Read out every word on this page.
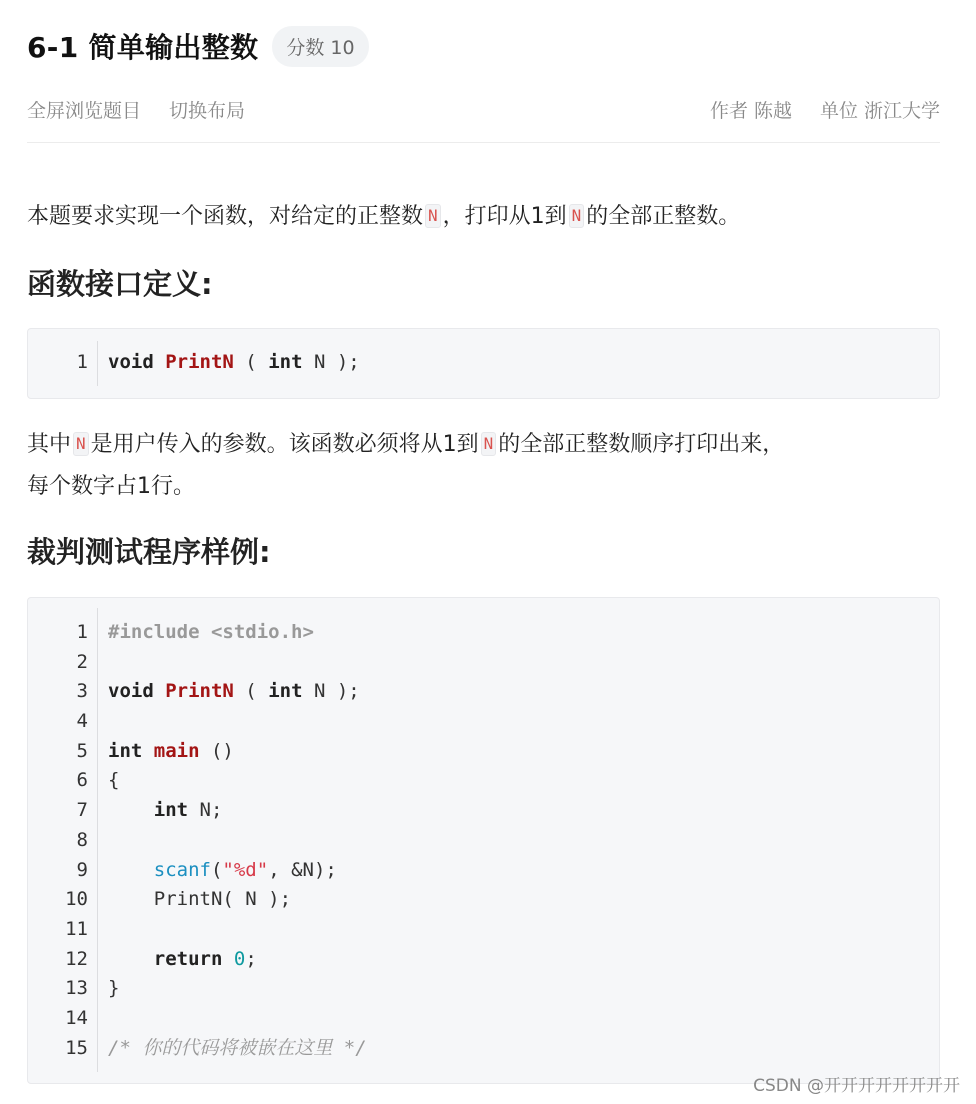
6-1 简单输出整数	分数 10
全屏浏览题目 切换布局	作者 陈越 单位 浙江大学
本题要求实现一个函数，对给定的正整数 N ，打印从1到 N 的全部正整数。
函数接口定义:
1 void PrintN ( int N );
其中 N 是用户传入的参数。该函数必须将从1到 N 的全部正整数顺序打印出来，
每个数字占1行。
裁判测试程序样例:
1 #include <stdio.h>
2
3 void PrintN ( int N );
4
5 int main ()
6 {
7	int N;
8
9	scanf("%d", &N);
10 PrintN( N );
11
12	return 0;
13 }
14
15 /* 你的代码将被嵌在这里 */
CSDN @开开开开开开开开
